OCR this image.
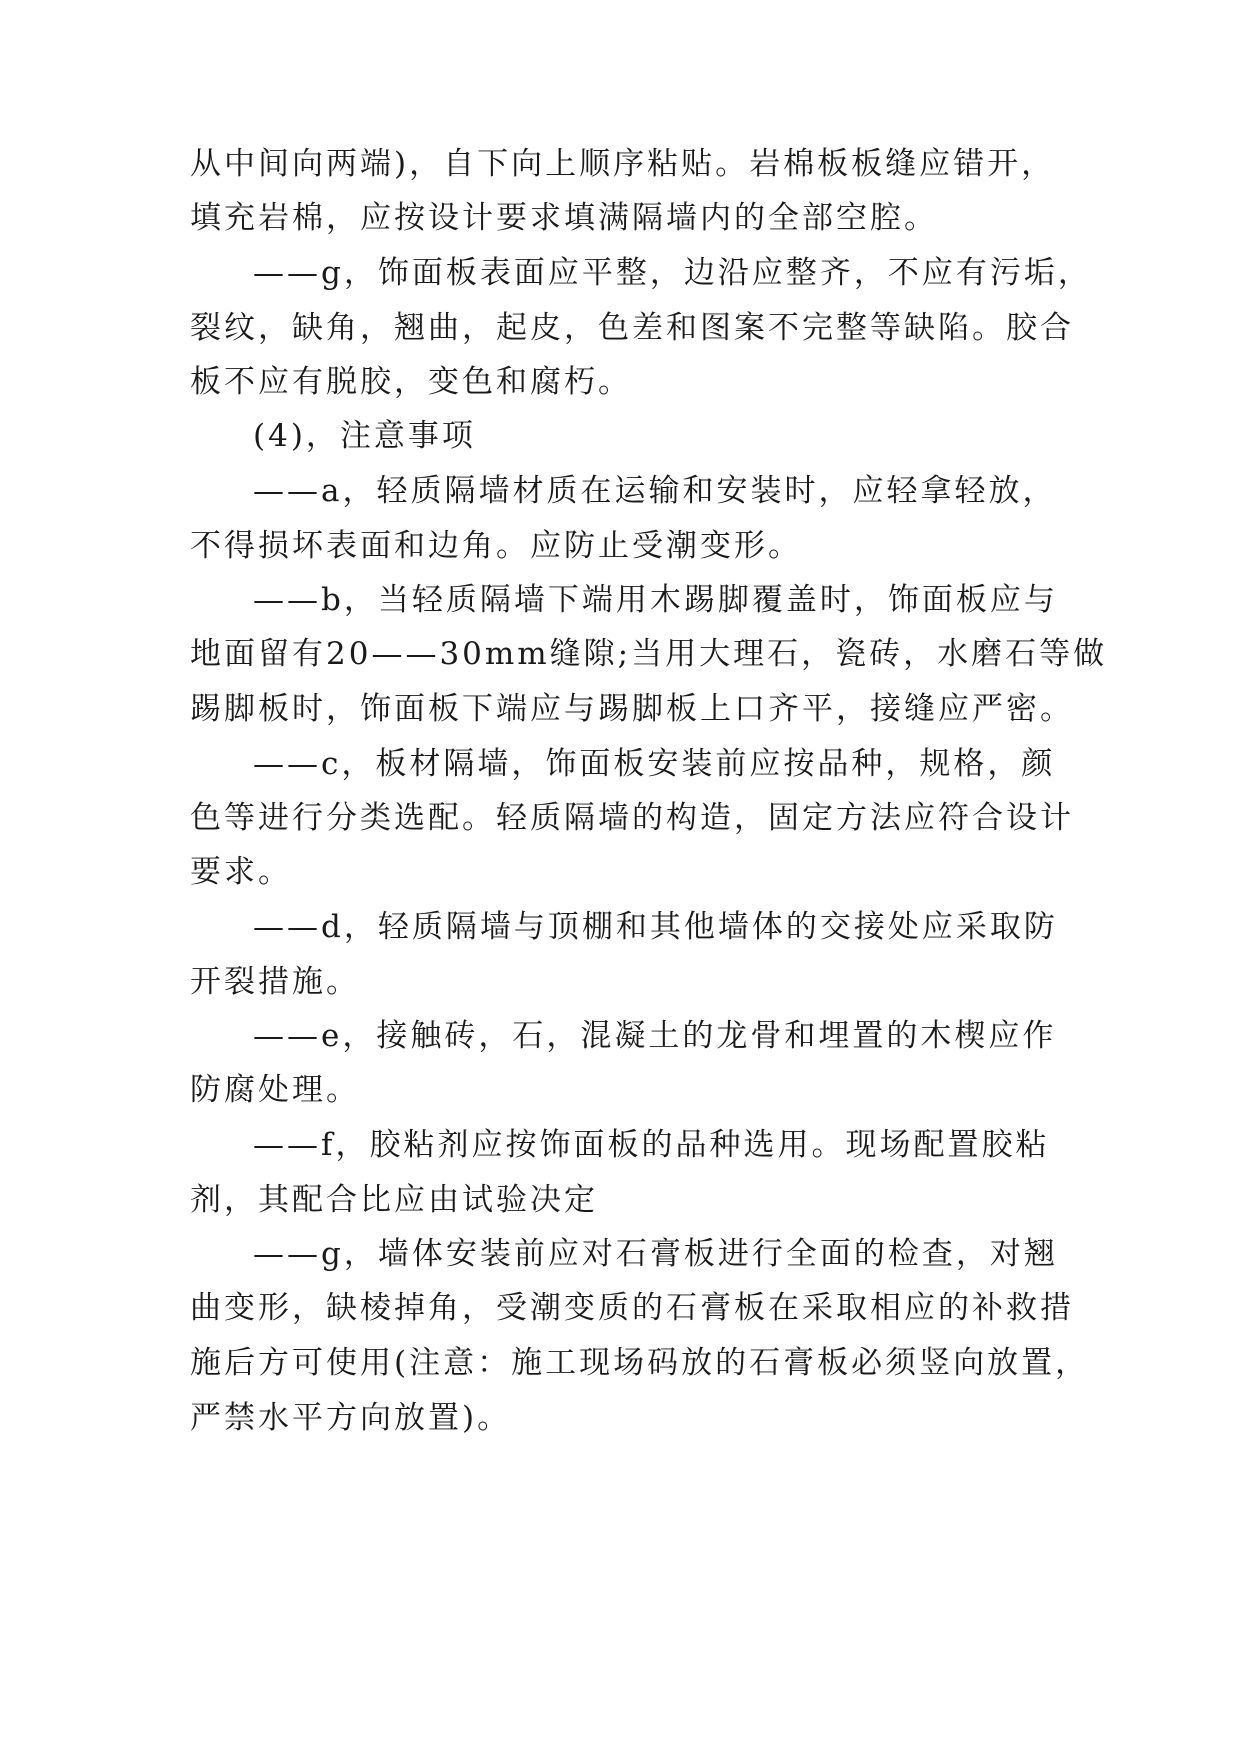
从中间向两端)，自下向上顺序粘贴。岩棉板板缝应错开，
填充岩棉，应按设计要求填满隔墙内的全部空腔。
——g，饰面板表面应平整，边沿应整齐，不应有污垢，
裂纹，缺角，翘曲，起皮，色差和图案不完整等缺陷。胶合
板不应有脱胶，变色和腐朽。
(4)，注意事项
——a，轻质隔墙材质在运输和安装时，应轻拿轻放，
不得损坏表面和边角。应防止受潮变形。
——b，当轻质隔墙下端用木踢脚覆盖时，饰面板应与
地面留有20——30mm缝隙;当用大理石，瓷砖，水磨石等做
踢脚板时，饰面板下端应与踢脚板上口齐平，接缝应严密。
——c，板材隔墙，饰面板安装前应按品种，规格，颜
色等进行分类选配。轻质隔墙的构造，固定方法应符合设计
要求。
——d，轻质隔墙与顶棚和其他墙体的交接处应采取防
开裂措施。
——e，接触砖，石，混凝土的龙骨和埋置的木楔应作
防腐处理。
——f，胶粘剂应按饰面板的品种选用。现场配置胶粘
剂，其配合比应由试验决定
——g，墙体安装前应对石膏板进行全面的检查，对翘
曲变形，缺棱掉角，受潮变质的石膏板在采取相应的补救措
施后方可使用(注意：施工现场码放的石膏板必须竖向放置，
严禁水平方向放置)。
